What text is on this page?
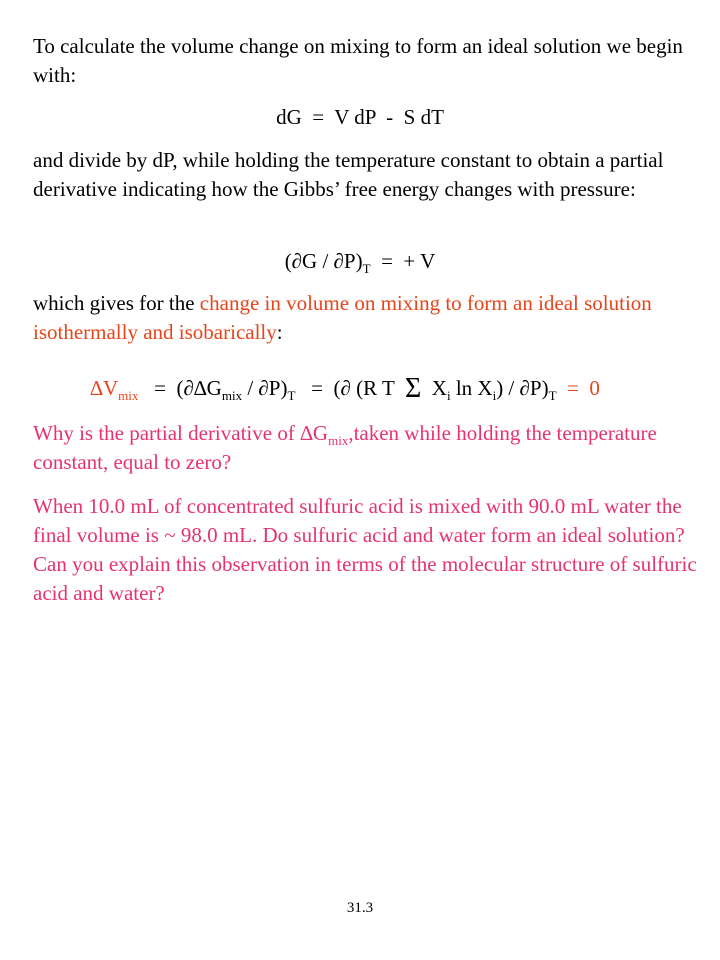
To calculate the volume change on mixing to form an ideal solution we begin with:

dG  =  V dP  -  S dT

and divide by dP, while holding the temperature constant to obtain a partial derivative indicating how the Gibbs’ free energy changes with pressure:

$(\partial G / \partial P)_T$  =  + V

which gives for the change in volume on mixing to form an ideal solution isothermally and isobarically:

$\Delta V_{mix} = (\partial\Delta G_{mix} / \partial P)_T$   =  (∂ (R T  Σ  $X_i$ $\ln X_i) / \partial P)_T = 0$

Why is the partial derivative of $\Delta G_{mix},taken$ while holding the temperature constant, equal to zero?

When 10.0 mL of concentrated sulfuric acid is mixed with 90.0 mL water the final volume is ~ 98.0 mL. Do sulfuric acid and water form an ideal solution? Can you explain this observation in terms of the molecular structure of sulfuric acid and water?

31.3
